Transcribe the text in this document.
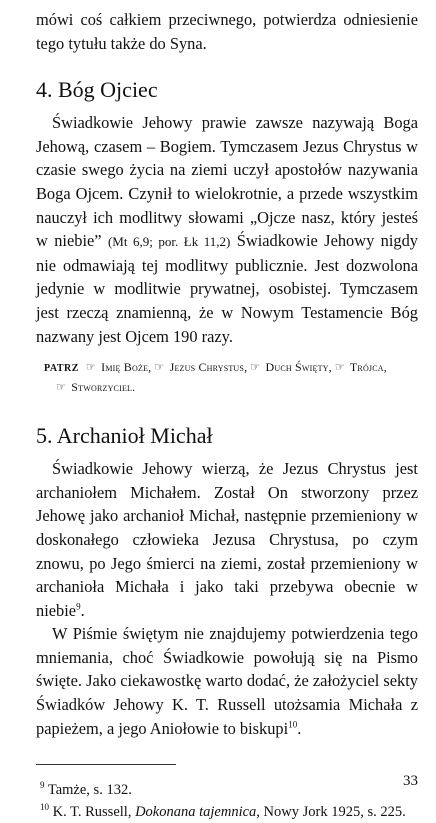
mówi coś całkiem przeciwnego, potwierdza odniesienie tego tytułu także do Syna.

4. Bóg Ojciec

Świadkowie Jehowy prawie zawsze nazywają Boga Jehową, czasem – Bogiem. Tymczasem Jezus Chrystus w czasie swego życia na ziemi uczył apostołów nazywania Boga Ojcem. Czynił to wielokrotnie, a przede wszystkim nauczył ich modlitwy słowami „Ojcze nasz, który jesteś w niebie” (Mt 6,9; por. Łk 11,2) Świadkowie Jehowy nigdy nie odmawiają tej modlitwy publicznie. Jest dozwolona jedynie w modlitwie prywatnej, osobistej. Tymczasem jest rzeczą znamienną, że w Nowym Testamencie Bóg nazwany jest Ojcem 190 razy.

PATRZ ☞ Imię Boże, ☞ Jezus Chrystus, ☞ Duch Święty, ☞ Trójca,
☞ Stworzyciel.
5. Archanioł Michał

Świadkowie Jehowy wierzą, że Jezus Chrystus jest archaniołem Michałem. Został On stworzony przez Jehowę jako archanioł Michał, następnie przemieniony w doskonałego człowieka Jezusa Chrystusa, po czym znowu, po Jego śmierci na ziemi, został przemieniony w archanioła Michała i jako taki przebywa obecnie w niebie$^9$.

W Piśmie świętym nie znajdujemy potwierdzenia tego mniemania, choć Świadkowie powołują się na Pismo święte. Jako ciekawostkę warto dodać, że założyciel sekty Świadków Jehowy K. T. Russell utożsamia Michała z papieżem, a jego Aniołowie to biskupi$^{10}$.

$^9$ Tamże, s. 132.
$^{10}$ K. T. Russell, Dokonana tajemnica, Nowy Jork 1925, s. 225.
33
